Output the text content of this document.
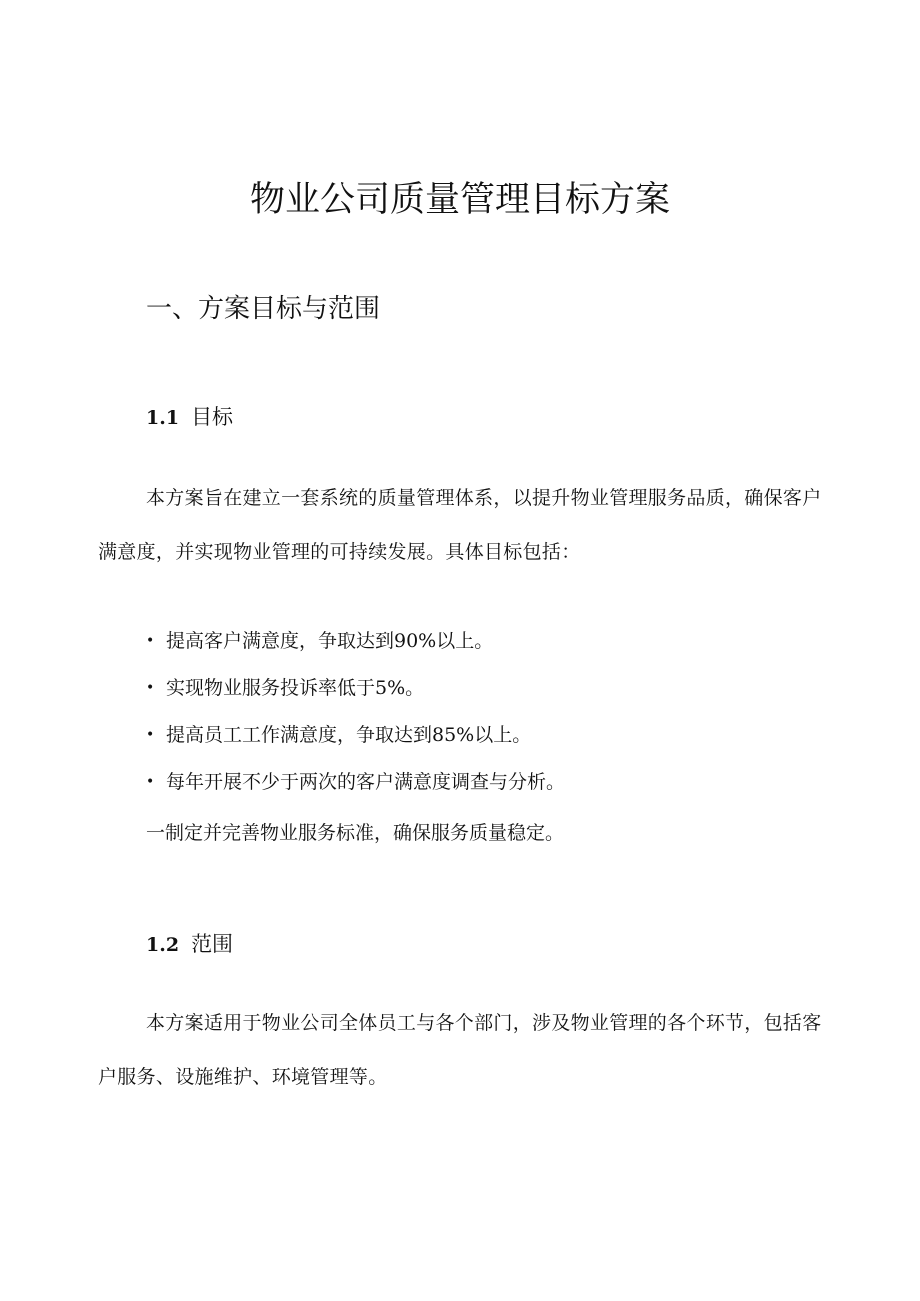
物业公司质量管理目标方案
一、方案目标与范围
1.1 目标

本方案旨在建立一套系统的质量管理体系，以提升物业管理服务品质，确保客户满意度，并实现物业管理的可持续发展。具体目标包括：

• 提高客户满意度，争取达到90%以上。
• 实现物业服务投诉率低于5%。
• 提高员工工作满意度，争取达到85%以上。
• 每年开展不少于两次的客户满意度调查与分析。

一制定并完善物业服务标准，确保服务质量稳定。

1.2 范围

本方案适用于物业公司全体员工与各个部门，涉及物业管理的各个环节，包括客户服务、设施维护、环境管理等。
